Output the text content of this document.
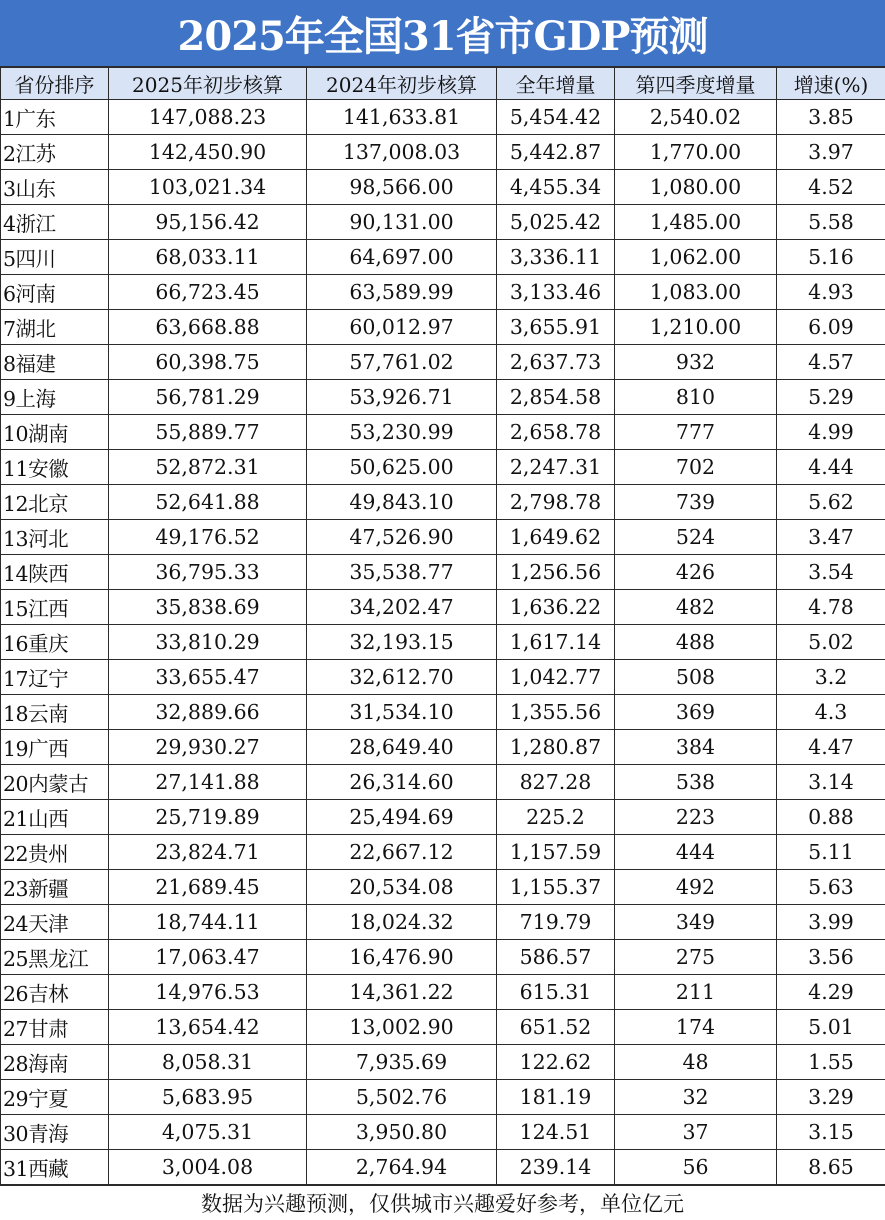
2025年全国31省市GDP预测
省份排序	2025年初步核算	2024年初步核算	全年增量	第四季度增量	增速(%)
1广东	147,088.23	141,633.81	5,454.42	2,540.02	3.85
2江苏	142,450.90	137,008.03	5,442.87	1,770.00	3.97
3山东	103,021.34	98,566.00	4,455.34	1,080.00	4.52
4浙江	95,156.42	90,131.00	5,025.42	1,485.00	5.58
5四川	68,033.11	64,697.00	3,336.11	1,062.00	5.16
6河南	66,723.45	63,589.99	3,133.46	1,083.00	4.93
7湖北	63,668.88	60,012.97	3,655.91	1,210.00	6.09
8福建	60,398.75	57,761.02	2,637.73	932	4.57
9上海	56,781.29	53,926.71	2,854.58	810	5.29
10湖南	55,889.77	53,230.99	2,658.78	777	4.99
11安徽	52,872.31	50,625.00	2,247.31	702	4.44
12北京	52,641.88	49,843.10	2,798.78	739	5.62
13河北	49,176.52	47,526.90	1,649.62	524	3.47
14陕西	36,795.33	35,538.77	1,256.56	426	3.54
15江西	35,838.69	34,202.47	1,636.22	482	4.78
16重庆	33,810.29	32,193.15	1,617.14	488	5.02
17辽宁	33,655.47	32,612.70	1,042.77	508	3.2
18云南	32,889.66	31,534.10	1,355.56	369	4.3
19广西	29,930.27	28,649.40	1,280.87	384	4.47
20内蒙古	27,141.88	26,314.60	827.28	538	3.14
21山西	25,719.89	25,494.69	225.2	223	0.88
22贵州	23,824.71	22,667.12	1,157.59	444	5.11
23新疆	21,689.45	20,534.08	1,155.37	492	5.63
24天津	18,744.11	18,024.32	719.79	349	3.99
25黑龙江	17,063.47	16,476.90	586.57	275	3.56
26吉林	14,976.53	14,361.22	615.31	211	4.29
27甘肃	13,654.42	13,002.90	651.52	174	5.01
28海南	8,058.31	7,935.69	122.62	48	1.55
29宁夏	5,683.95	5,502.76	181.19	32	3.29
30青海	4,075.31	3,950.80	124.51	37	3.15
31西藏	3,004.08	2,764.94	239.14	56	8.65
数据为兴趣预测，仅供城市兴趣爱好参考，单位亿元
